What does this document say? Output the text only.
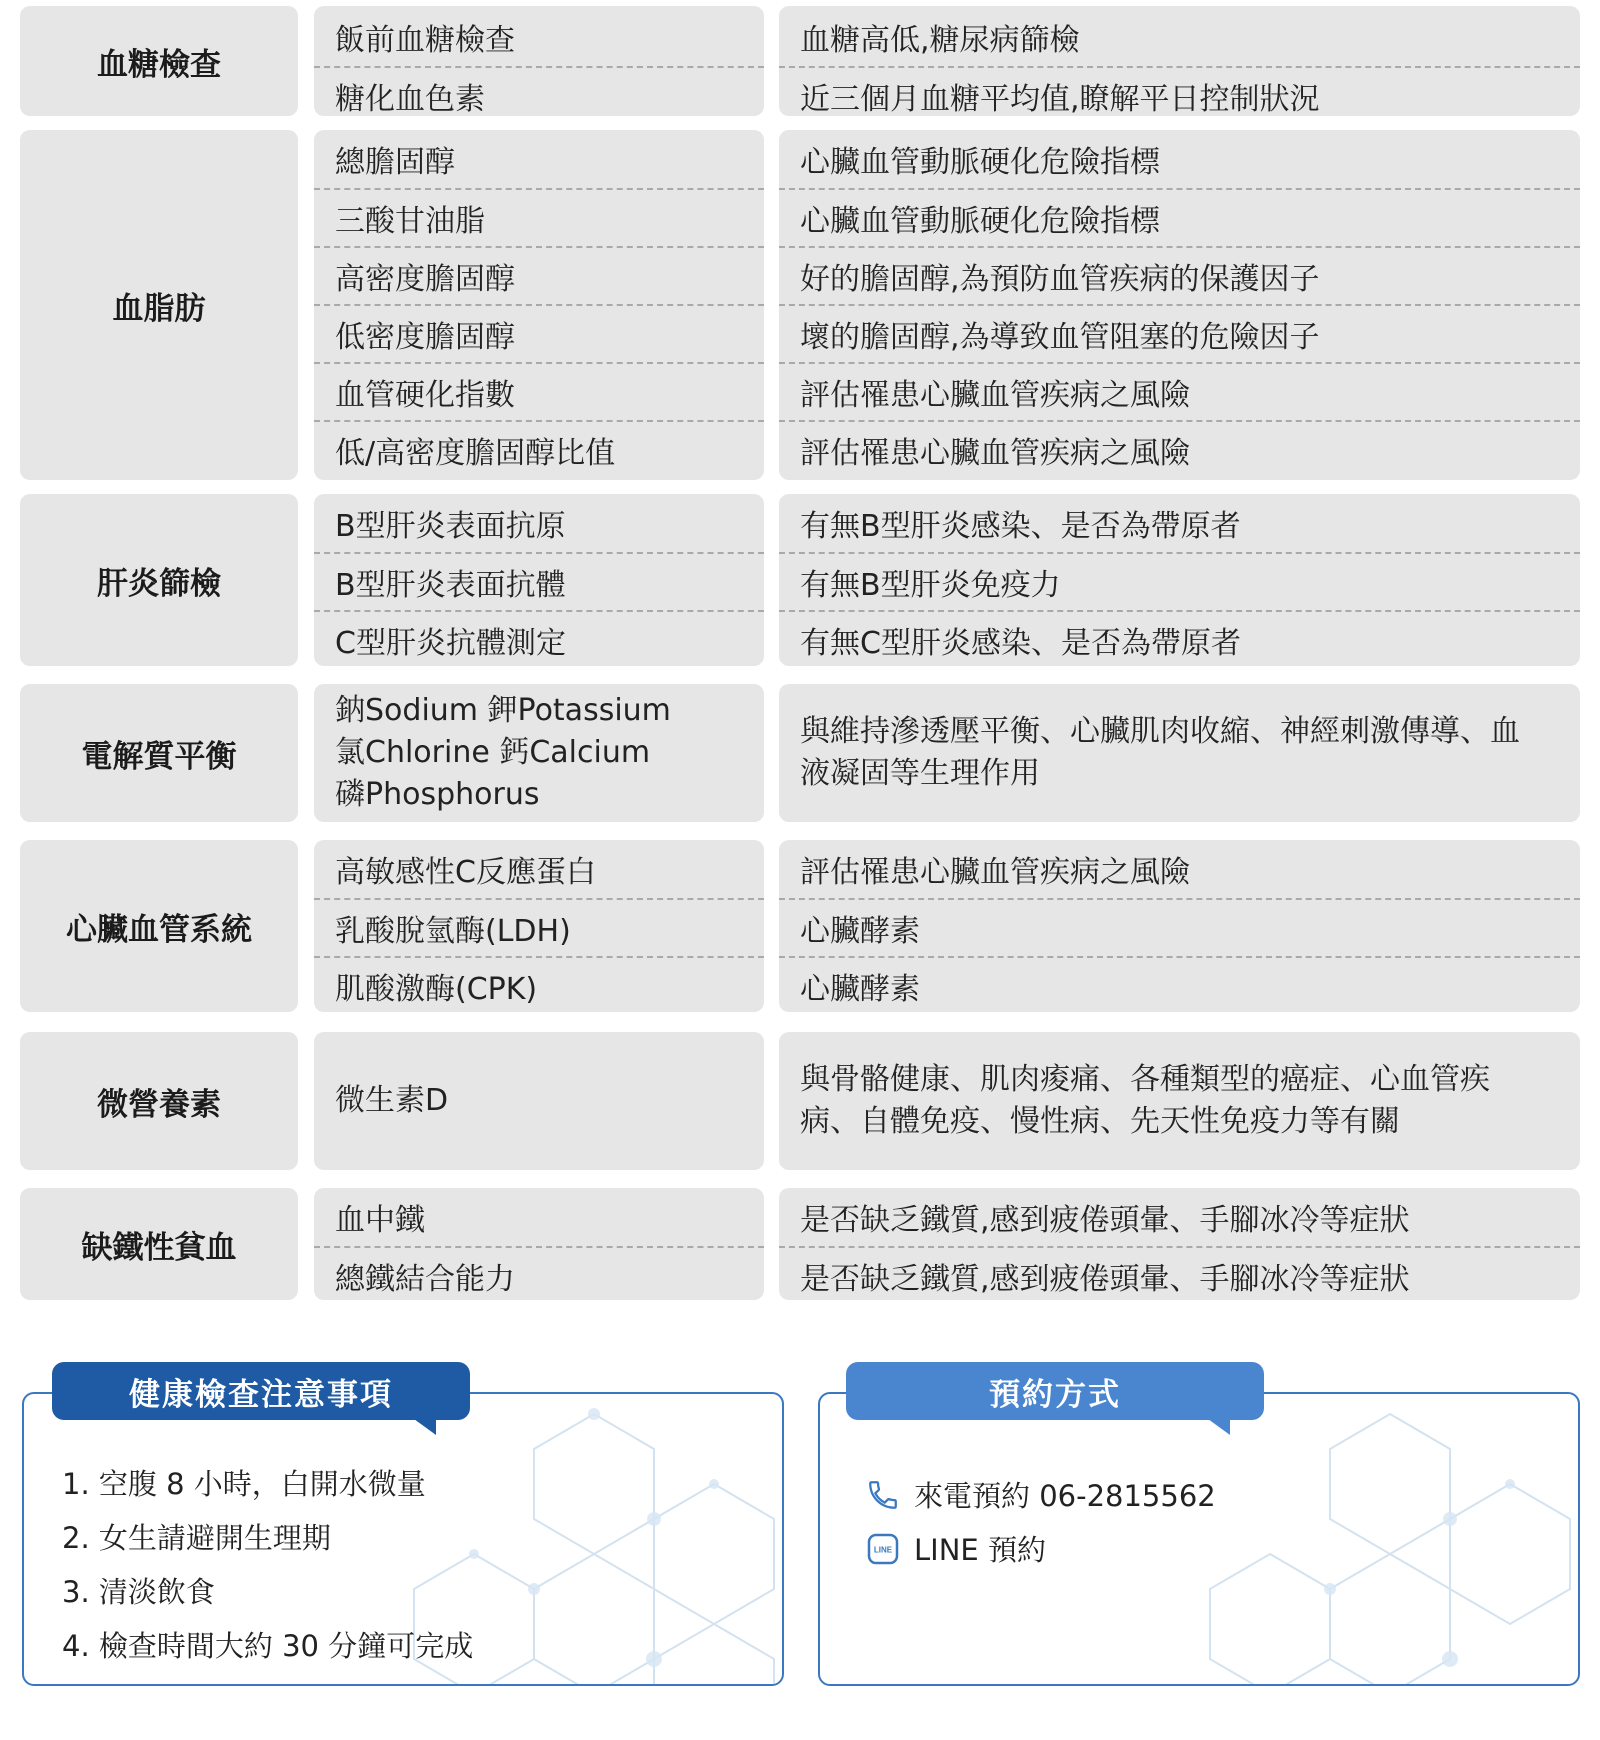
血糖檢查
飯前血糖檢查
糖化血色素
血糖高低,糖尿病篩檢
近三個月血糖平均值,瞭解平日控制狀況
血脂肪
總膽固醇
三酸甘油脂
高密度膽固醇
低密度膽固醇
血管硬化指數
低/高密度膽固醇比值
心臟血管動脈硬化危險指標
心臟血管動脈硬化危險指標
好的膽固醇,為預防血管疾病的保護因子
壞的膽固醇,為導致血管阻塞的危險因子
評估罹患心臟血管疾病之風險
評估罹患心臟血管疾病之風險
肝炎篩檢
B型肝炎表面抗原
B型肝炎表面抗體
C型肝炎抗體測定
有無B型肝炎感染、是否為帶原者
有無B型肝炎免疫力
有無C型肝炎感染、是否為帶原者
電解質平衡
鈉Sodium 鉀Potassium
氯Chlorine 鈣Calcium
磷Phosphorus
與維持滲透壓平衡、心臟肌肉收縮、神經刺激傳導、血
液凝固等生理作用
心臟血管系統
高敏感性C反應蛋白
乳酸脫氫酶(LDH)
肌酸激酶(CPK)
評估罹患心臟血管疾病之風險
心臟酵素
心臟酵素
微營養素	微生素D
與骨骼健康、肌肉痠痛、各種類型的癌症、心血管疾
病、自體免疫、慢性病、先天性免疫力等有關
缺鐵性貧血
血中鐵
總鐵結合能力
是否缺乏鐵質,感到疲倦頭暈、手腳冰冷等症狀
是否缺乏鐵質,感到疲倦頭暈、手腳冰冷等症狀
1. 空腹 8 小時，白開水微量
2. 女生請避開生理期
3. 清淡飲食
4. 檢查時間大約 30 分鐘可完成
健康檢查注意事項
來電預約 06-2815562
LINE LINE 預約
預約方式
